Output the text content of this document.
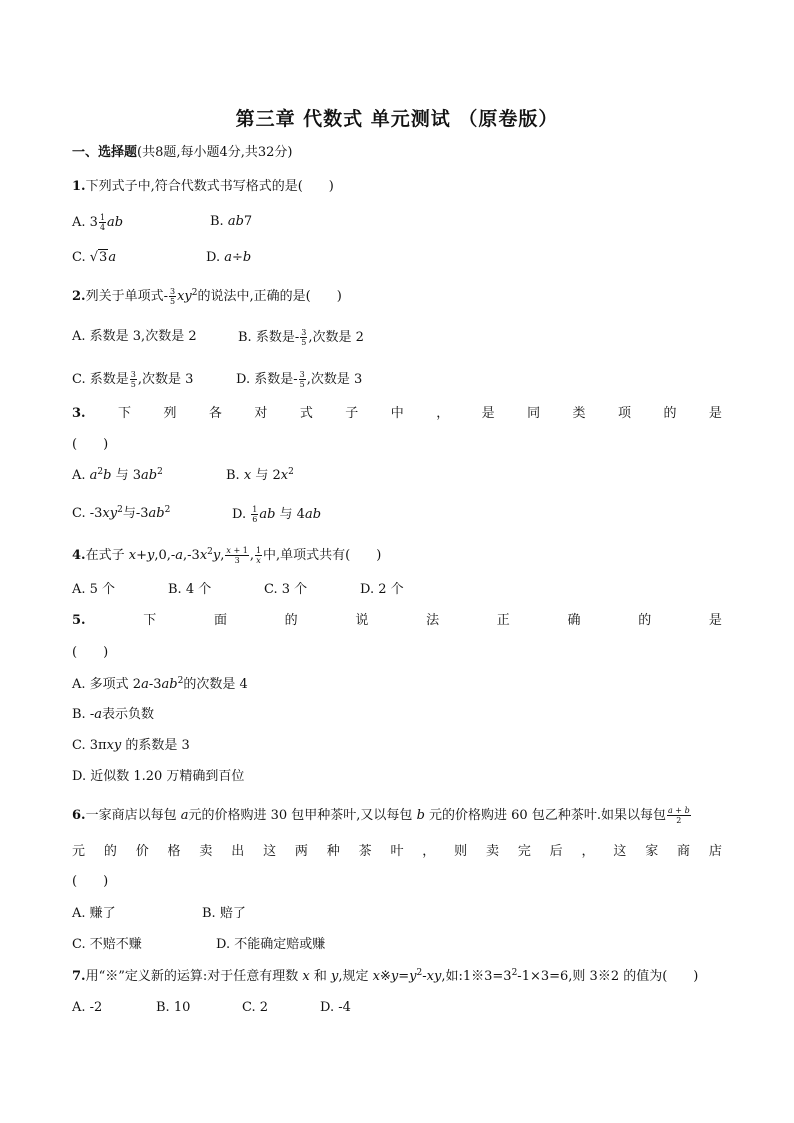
第三章 代数式 单元测试 （原卷版）
一、选择题(共8题,每小题4分,共32分)
1.下列式子中,符合代数式书写格式的是(　　)
A. $3 \frac{1}{4}$ ab	B. ab7
C. √3a	D. a÷b
2.列关于单项式- $\frac{3}{5} xy^2$的说法中,正确的是(　　)
A. 系数是 3,次数是 2	B. 系数是- $\frac{3}{5}$ ,次数是 2
C. 系数是 $\frac{3}{5}$ ,次数是 3	D. 系数是- $\frac{3}{5}$ ,次数是 3
3. 下 列 各 对 式 子 中 ， 是 同 类 项 的 是
(　　)
A. $a^2b$ 与 $3ab^2$	B. x 与 $2x^2$
C. $-3xy^2$与$-3ab^2$	D. $\frac{1}{6}$ ab 与 4ab
4.在式子 $x+y,0,-a,-3x^2y$, $\frac{x + 1}{3}$ , $\frac{1}{x}$ 中,单项式共有(　　)
A. 5 个	B. 4 个	C. 3 个	D. 2 个
5.	下	面	的	说	法	正	确	的	是
(　　)
A. 多项式 $2a-3ab^2$的次数是 4
B. -a表示负数
C. 3πxy 的系数是 3
D. 近似数 1.20 万精确到百位
6.一家商店以每包 a元的价格购进 30 包甲种茶叶,又以每包 b 元的价格购进 60 包乙种茶叶.如果以每包 $\frac{a + b}{2}$
元 的 价 格 卖 出 这 两 种 茶 叶 ， 则 卖 完 后 ， 这 家 商 店
(　　)
A. 赚了	B. 赔了
C. 不赔不赚	D. 不能确定赔或赚
7.用“※”定义新的运算:对于任意有理数 x 和 y,规定 $x※y=y^2-xy$,如$:1※3=3^2-1\times 3=6$,则 3※2 的值为(　　)
A. -2	B. 10	C. 2	D. -4
